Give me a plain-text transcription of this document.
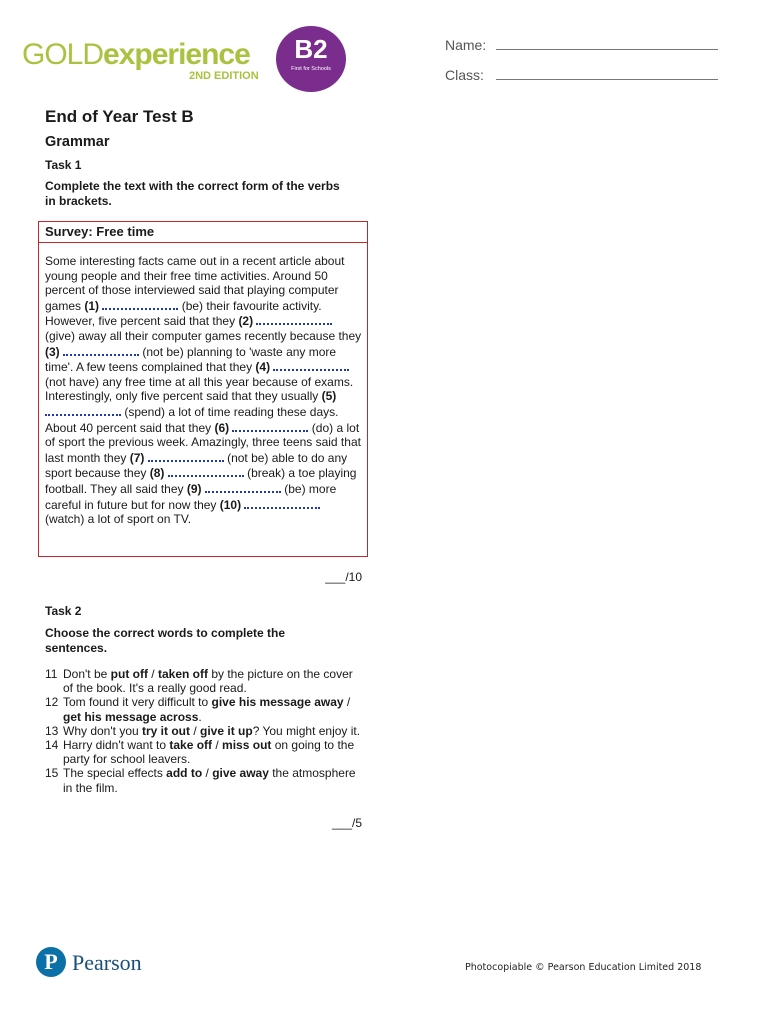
GOLDexperience
2ND EDITION
B2
First for Schools
Name:
Class:
End of Year Test B
Grammar
Task 1
Complete the text with the correct form of the verbs in brackets.
Survey: Free time
Some interesting facts came out in a recent article about young people and their free time activities. Around 50 percent of those interviewed said that playing computer games (1)	(be) their favourite activity. However, five percent said that they (2)  (give) away all their computer games recently because they (3)	(not be) planning to 'waste any more time'. A few teens complained that they (4)  (not have) any free time at all this year because of exams. Interestingly, only five percent said that they usually (5)  (spend) a lot of time reading these days. About 40 percent said that they (6)	(do) a lot of sport the previous week. Amazingly, three teens said that last month they (7)	(not be) able to do any sport because they (8)	(break) a toe playing football. They all said they (9)	(be) more careful in future but for now they (10)  (watch) a lot of sport on TV.
___/10
Task 2
Choose the correct words to complete the sentences.
11 Don't be put off / taken off by the picture on the cover of the book. It's a really good read.
12 Tom found it very difficult to give his message away / get his message across.
13 Why don't you try it out / give it up? You might enjoy it.
14 Harry didn't want to take off / miss out on going to the party for school leavers.
15 The special effects add to / give away the atmosphere in the film.
___/5
P Pearson	Photocopiable © Pearson Education Limited 2018
